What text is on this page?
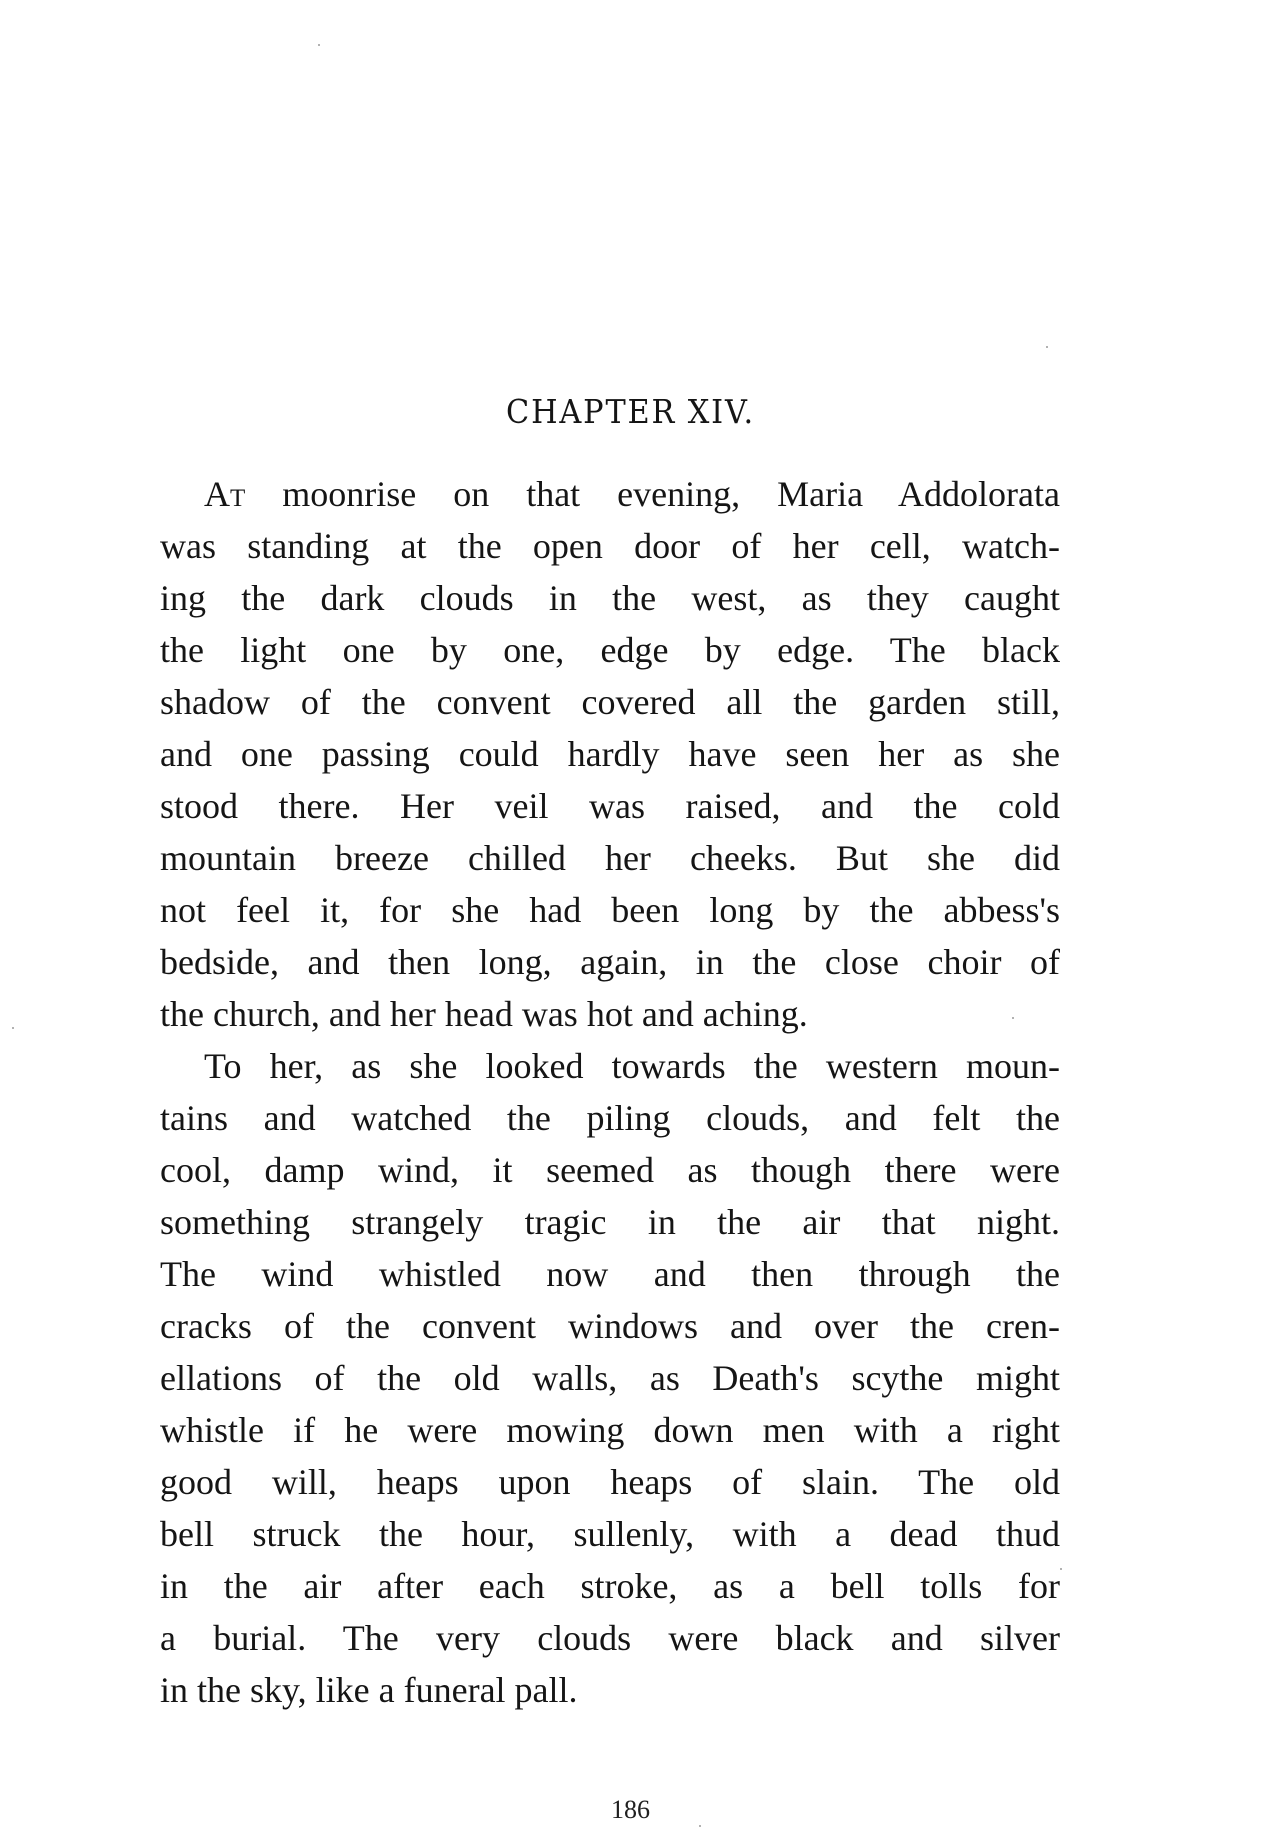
CHAPTER XIV.
At moonrise on that evening, Maria Addolorata
was standing at the open door of her cell, watch-
ing the dark clouds in the west, as they caught
the light one by one, edge by edge. The black
shadow of the convent covered all the garden still,
and one passing could hardly have seen her as she
stood there. Her veil was raised, and the cold
mountain breeze chilled her cheeks. But she did
not feel it, for she had been long by the abbess's
bedside, and then long, again, in the close choir of
the church, and her head was hot and aching.
To her, as she looked towards the western moun-
tains and watched the piling clouds, and felt the
cool, damp wind, it seemed as though there were
something strangely tragic in the air that night.
The wind whistled now and then through the
cracks of the convent windows and over the cren-
ellations of the old walls, as Death's scythe might
whistle if he were mowing down men with a right
good will, heaps upon heaps of slain. The old
bell struck the hour, sullenly, with a dead thud
in the air after each stroke, as a bell tolls for
a burial. The very clouds were black and silver
in the sky, like a funeral pall.
186
